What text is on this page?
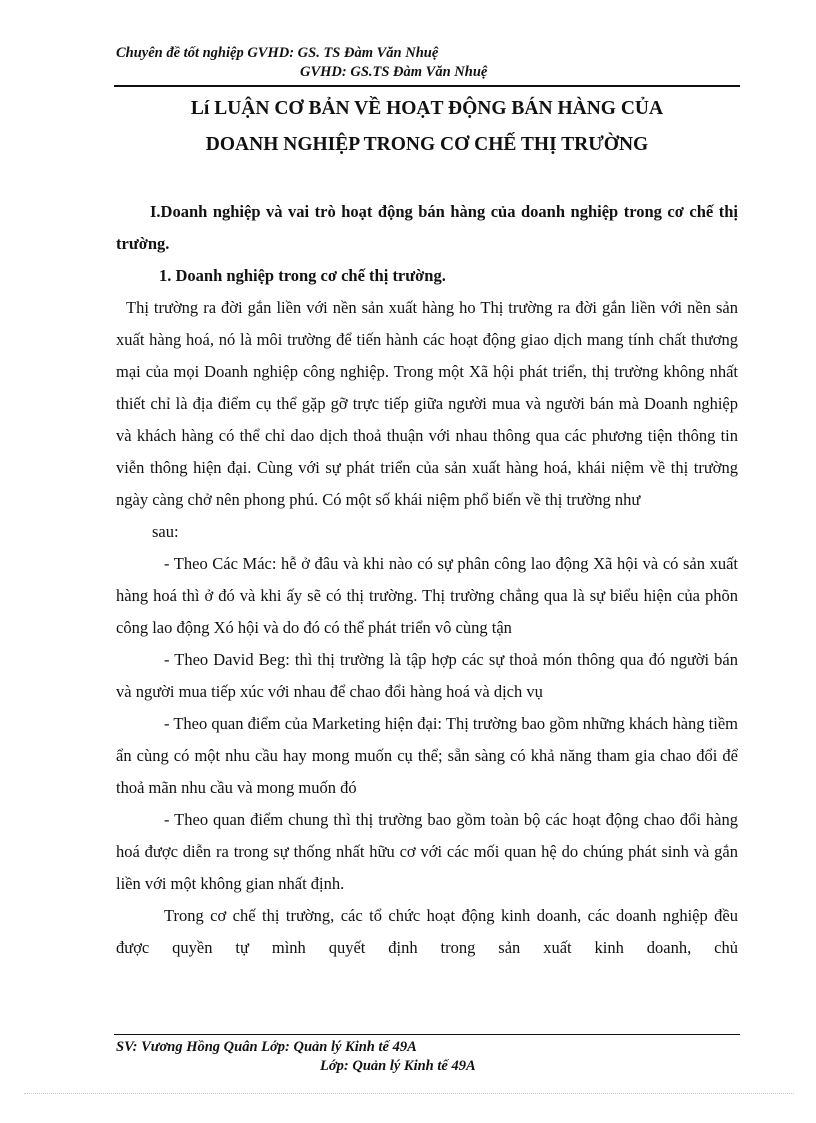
Chuyên đề tốt nghiệp GVHD: GS. TS Đàm Văn Nhuệ
GVHD: GS.TS Đàm Văn Nhuệ
Lí LUẬN CƠ BẢN VỀ HOẠT ĐỘNG BÁN HÀNG CỦA
DOANH NGHIỆP TRONG CƠ CHẾ THỊ TRƯỜNG

I.Doanh nghiệp và vai trò hoạt động bán hàng của doanh nghiệp trong cơ chế thị trường.

1. Doanh nghiệp trong cơ chế thị trường.

Thị trường ra đời gắn liền với nền sản xuất hàng ho Thị trường ra đời gắn liền với nền sản xuất hàng hoá, nó là môi trường để tiến hành các hoạt động giao dịch mang tính chất thương mại của mọi Doanh nghiệp công nghiệp. Trong một Xã hội phát triển, thị trường không nhất thiết chỉ là địa điểm cụ thể gặp gỡ trực tiếp giữa người mua và người bán mà Doanh nghiệp và khách hàng có thể chỉ dao dịch thoả thuận với nhau thông qua các phương tiện thông tin viễn thông hiện đại. Cùng với sự phát triển của sản xuất hàng hoá, khái niệm về thị trường ngày càng chở nên phong phú. Có một số khái niệm phổ biến về thị trường như
sau:

- Theo Các Mác: hễ ở đâu và khi nào có sự phân công lao động Xã hội và có sản xuất hàng hoá thì ở đó và khi ấy sẽ có thị trường. Thị trường chẳng qua là sự biểu hiện của phõn công lao động Xó hội và do đó có thể phát triển vô cùng tận

- Theo David Beg: thì thị trường là tập hợp các sự thoả món thông qua đó người bán và người mua tiếp xúc với nhau để chao đổi hàng hoá và dịch vụ

- Theo quan điểm của Marketing hiện đại: Thị trường bao gồm những khách hàng tiềm ẩn cùng có một nhu cầu hay mong muốn cụ thể; sẵn sàng có khả năng tham gia chao đổi để thoả mãn nhu cầu và mong muốn đó

- Theo quan điểm chung thì thị trường bao gồm toàn bộ các hoạt động chao đổi hàng hoá được diễn ra trong sự thống nhất hữu cơ với các mối quan hệ do chúng phát sinh và gắn liền với một không gian nhất định.

Trong cơ chế thị trường, các tổ chức hoạt động kinh doanh, các doanh nghiệp đều được quyền tự mình quyết định trong sản xuất kinh doanh, chủ

SV: Vương Hồng Quân Lớp: Quản lý Kinh tế 49A
Lớp: Quản lý Kinh tế 49A
